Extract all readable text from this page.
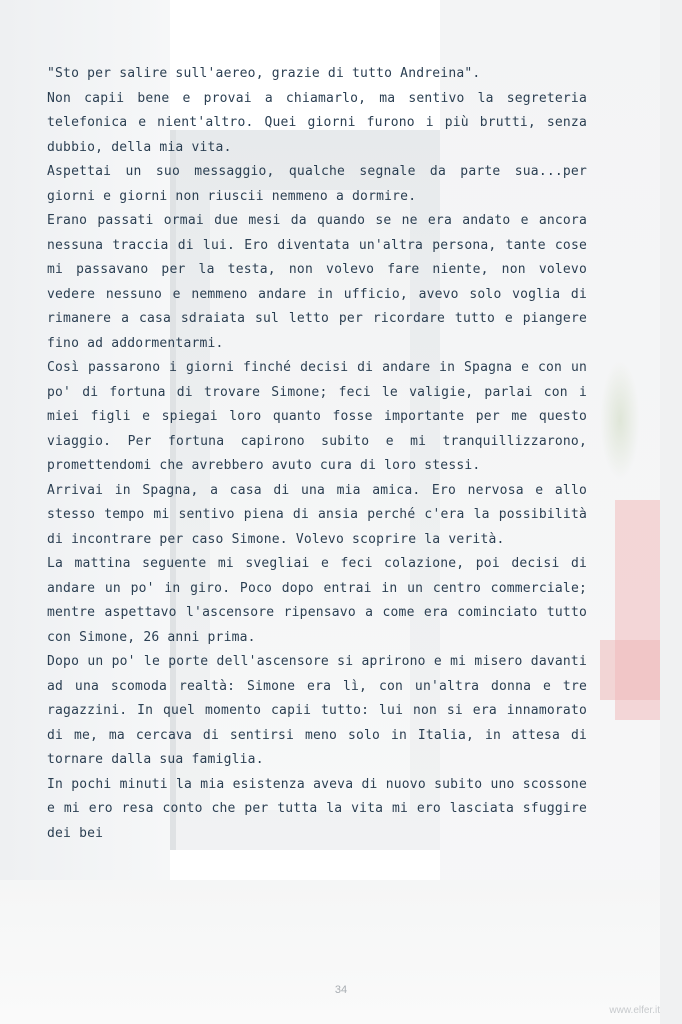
"Sto per salire sull'aereo, grazie di tutto Andreina".

Non capii bene e provai a chiamarlo, ma sentivo la segreteria telefonica e nient'altro. Quei giorni furono i più brutti, senza dubbio, della mia vita.

Aspettai un suo messaggio, qualche segnale da parte sua...per giorni e giorni non riuscii nemmeno a dormire.

Erano passati ormai due mesi da quando se ne era andato e ancora nessuna traccia di lui. Ero diventata un'altra persona, tante cose mi passavano per la testa, non volevo fare niente, non volevo vedere nessuno e nemmeno andare in ufficio, avevo solo voglia di rimanere a casa sdraiata sul letto per ricordare tutto e piangere fino ad addormentarmi.

Così passarono i giorni finché decisi di andare in Spagna e con un po' di fortuna di trovare Simone; feci le valigie, parlai con i miei figli e spiegai loro quanto fosse importante per me questo viaggio. Per fortuna capirono subito e mi tranquillizzarono, promettendomi che avrebbero avuto cura di loro stessi.

Arrivai in Spagna, a casa di una mia amica. Ero nervosa e allo stesso tempo mi sentivo piena di ansia perché c'era la possibilità di incontrare per caso Simone. Volevo scoprire la verità.

La mattina seguente mi svegliai e feci colazione, poi decisi di andare un po' in giro. Poco dopo entrai in un centro commerciale; mentre aspettavo l'ascensore ripensavo a come era cominciato tutto con Simone, 26 anni prima.

Dopo un po' le porte dell'ascensore si aprirono e mi misero davanti ad una scomoda realtà: Simone era lì, con un'altra donna e tre ragazzini. In quel momento capii tutto: lui non si era innamorato di me, ma cercava di sentirsi meno solo in Italia, in attesa di tornare dalla sua famiglia.

In pochi minuti la mia esistenza aveva di nuovo subito uno scossone e mi ero resa conto che per tutta la vita mi ero lasciata sfuggire dei bei

34
www.elfer.it
